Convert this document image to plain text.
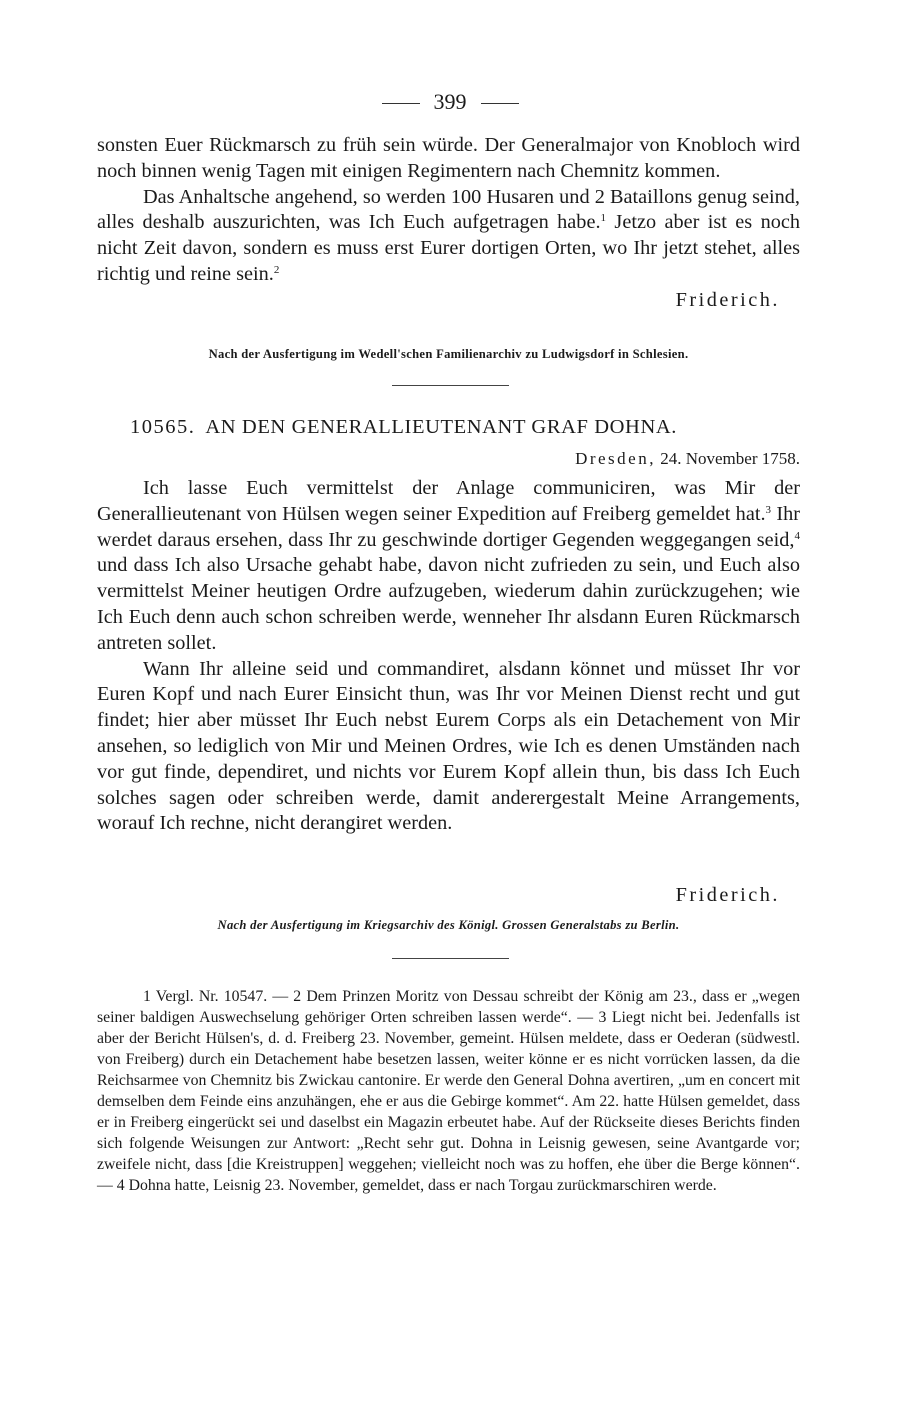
399

sonsten Euer Rückmarsch zu früh sein würde. Der Generalmajor von Knobloch wird noch binnen wenig Tagen mit einigen Regimentern nach Chemnitz kommen.

Das Anhaltsche angehend, so werden 100 Husaren und 2 Bataillons genug seind, alles deshalb auszurichten, was Ich Euch aufgetragen habe.$^1$ Jetzo aber ist es noch nicht Zeit davon, sondern es muss erst Eurer dortigen Orten, wo Ihr jetzt stehet, alles richtig und reine sein.$^2$

Friderich.

Nach der Ausfertigung im Wedell'schen Familienarchiv zu Ludwigsdorf in Schlesien.
10565. AN DEN GENERALLIEUTENANT GRAF DOHNA.
Dresden, 24. November 1758.

Ich lasse Euch vermittelst der Anlage communiciren, was Mir der Generallieutenant von Hülsen wegen seiner Expedition auf Freiberg gemeldet hat.$^3$ Ihr werdet daraus ersehen, dass Ihr zu geschwinde dortiger Gegenden weggegangen seid,$^4$ und dass Ich also Ursache gehabt habe, davon nicht zufrieden zu sein, und Euch also vermittelst Meiner heutigen Ordre aufzugeben, wiederum dahin zurückzugehen; wie Ich Euch denn auch schon schreiben werde, wenneher Ihr alsdann Euren Rückmarsch antreten sollet.

Wann Ihr alleine seid und commandiret, alsdann könnet und müsset Ihr vor Euren Kopf und nach Eurer Einsicht thun, was Ihr vor Meinen Dienst recht und gut findet; hier aber müsset Ihr Euch nebst Eurem Corps als ein Detachement von Mir ansehen, so lediglich von Mir und Meinen Ordres, wie Ich es denen Umständen nach vor gut finde, dependiret, und nichts vor Eurem Kopf allein thun, bis dass Ich Euch solches sagen oder schreiben werde, damit anderergestalt Meine Arrangements, worauf Ich rechne, nicht derangiret werden.

Friderich.

Nach der Ausfertigung im Kriegsarchiv des Königl. Grossen Generalstabs zu Berlin.

1 Vergl. Nr. 10547. — 2 Dem Prinzen Moritz von Dessau schreibt der König am 23., dass er „wegen seiner baldigen Auswechselung gehöriger Orten schreiben lassen werde“. — 3 Liegt nicht bei. Jedenfalls ist aber der Bericht Hülsen's, d. d. Freiberg 23. November, gemeint. Hülsen meldete, dass er Oederan (südwestl. von Freiberg) durch ein Detachement habe besetzen lassen, weiter könne er es nicht vorrücken lassen, da die Reichsarmee von Chemnitz bis Zwickau cantonire. Er werde den General Dohna avertiren, „um en concert mit demselben dem Feinde eins anzuhängen, ehe er aus die Gebirge kommet“. Am 22. hatte Hülsen gemeldet, dass er in Freiberg eingerückt sei und daselbst ein Magazin erbeutet habe. Auf der Rückseite dieses Berichts finden sich folgende Weisungen zur Antwort: „Recht sehr gut. Dohna in Leisnig gewesen, seine Avantgarde vor; zweifele nicht, dass [die Kreistruppen] weggehen; vielleicht noch was zu hoffen, ehe über die Berge können“. — 4 Dohna hatte, Leisnig 23. November, gemeldet, dass er nach Torgau zurückmarschiren werde.
